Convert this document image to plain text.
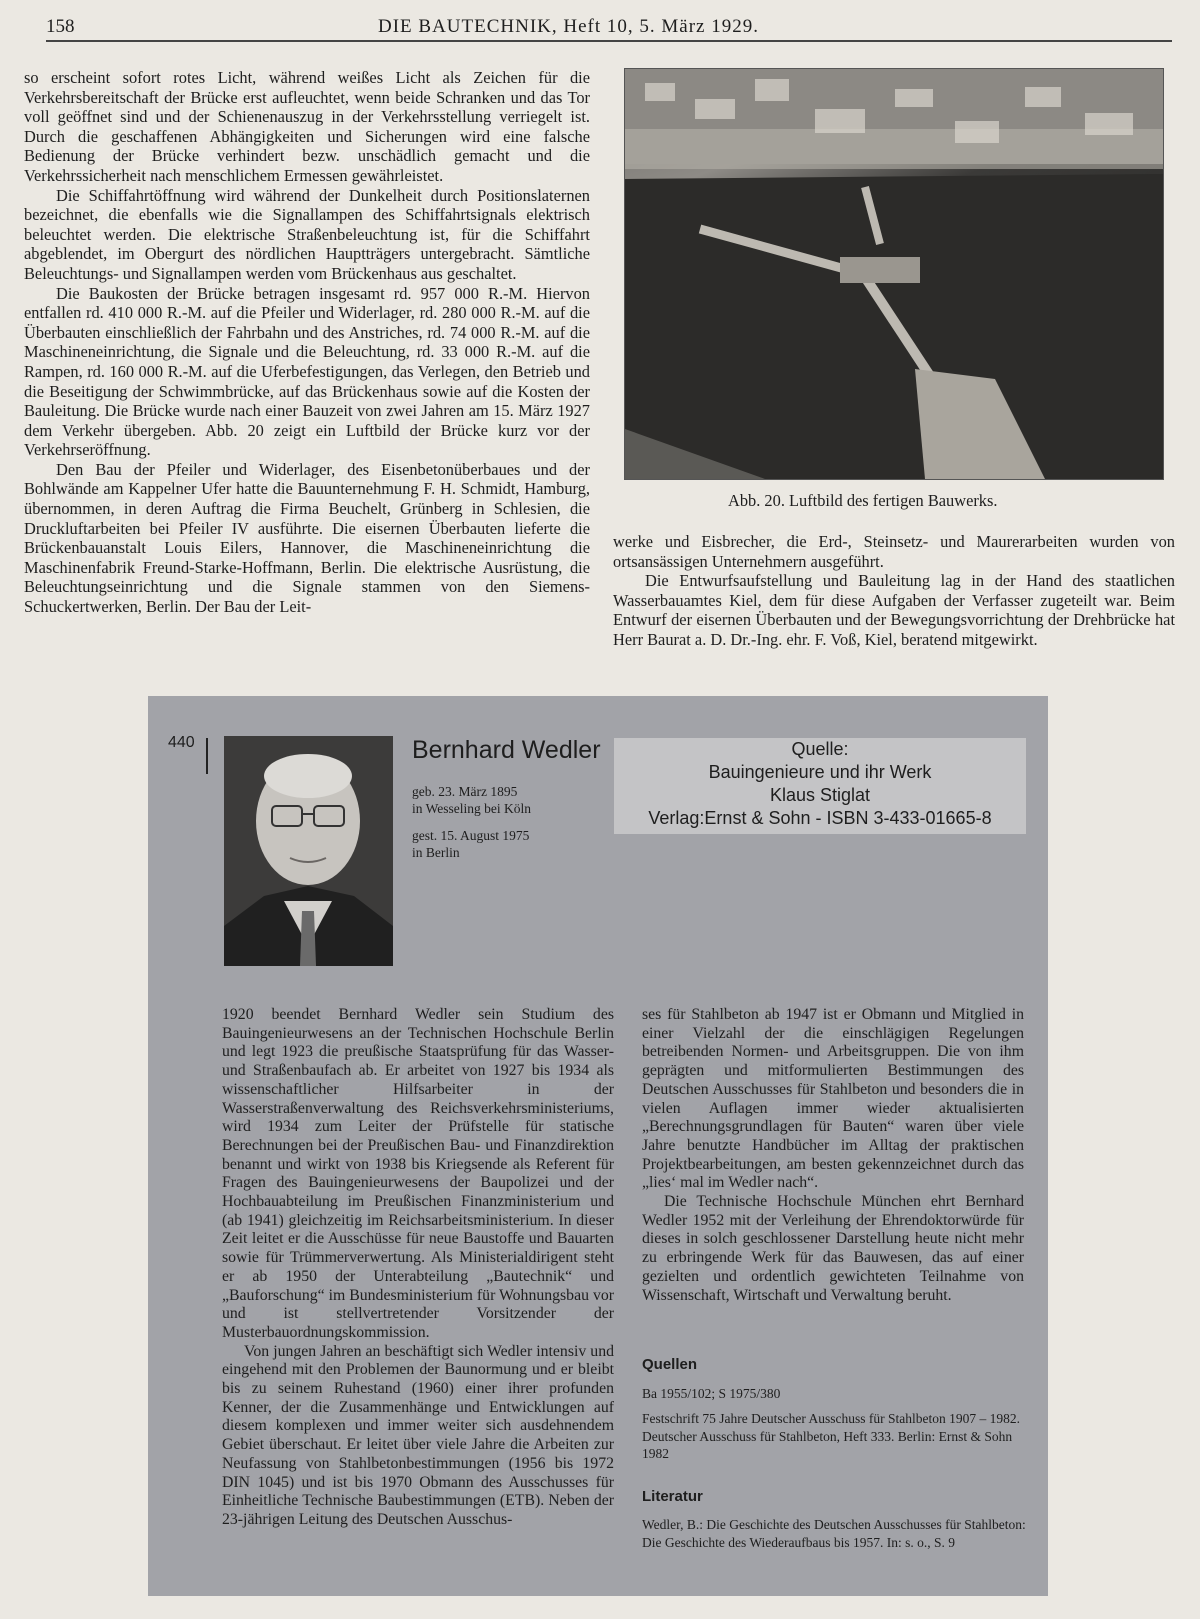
158	DIE BAUTECHNIK, Heft 10, 5. März 1929.

so erscheint sofort rotes Licht, während weißes Licht als Zeichen für die Verkehrsbereitschaft der Brücke erst aufleuchtet, wenn beide Schranken und das Tor voll geöffnet sind und der Schienenauszug in der Verkehrsstellung verriegelt ist. Durch die geschaffenen Abhängigkeiten und Sicherungen wird eine falsche Bedienung der Brücke verhindert bezw. unschädlich gemacht und die Verkehrssicherheit nach menschlichem Ermessen gewährleistet.

Die Schiffahrtöffnung wird während der Dunkelheit durch Positionslaternen bezeichnet, die ebenfalls wie die Signallampen des Schiffahrtsignals elektrisch beleuchtet werden. Die elektrische Straßenbeleuchtung ist, für die Schiffahrt abgeblendet, im Obergurt des nördlichen Hauptträgers untergebracht. Sämtliche Beleuchtungs- und Signallampen werden vom Brückenhaus aus geschaltet.

Die Baukosten der Brücke betragen insgesamt rd. 957 000 R.-M. Hiervon entfallen rd. 410 000 R.-M. auf die Pfeiler und Widerlager, rd. 280 000 R.-M. auf die Überbauten einschließlich der Fahrbahn und des Anstriches, rd. 74 000 R.-M. auf die Maschineneinrichtung, die Signale und die Beleuchtung, rd. 33 000 R.-M. auf die Rampen, rd. 160 000 R.-M. auf die Uferbefestigungen, das Verlegen, den Betrieb und die Beseitigung der Schwimmbrücke, auf das Brückenhaus sowie auf die Kosten der Bauleitung. Die Brücke wurde nach einer Bauzeit von zwei Jahren am 15. März 1927 dem Verkehr übergeben. Abb. 20 zeigt ein Luftbild der Brücke kurz vor der Verkehrseröffnung.

Den Bau der Pfeiler und Widerlager, des Eisenbetonüberbaues und der Bohlwände am Kappelner Ufer hatte die Bauunternehmung F. H. Schmidt, Hamburg, übernommen, in deren Auftrag die Firma Beuchelt, Grünberg in Schlesien, die Druckluftarbeiten bei Pfeiler IV ausführte. Die eisernen Überbauten lieferte die Brückenbauanstalt Louis Eilers, Hannover, die Maschineneinrichtung die Maschinenfabrik Freund-Starke-Hoffmann, Berlin. Die elektrische Ausrüstung, die Beleuchtungseinrichtung und die Signale stammen von den Siemens-Schuckertwerken, Berlin. Der Bau der Leit-

Abb. 20. Luftbild des fertigen Bauwerks.

werke und Eisbrecher, die Erd-, Steinsetz- und Maurerarbeiten wurden von ortsansässigen Unternehmern ausgeführt.

Die Entwurfsaufstellung und Bauleitung lag in der Hand des staatlichen Wasserbauamtes Kiel, dem für diese Aufgaben der Verfasser zugeteilt war. Beim Entwurf der eisernen Überbauten und der Bewegungsvorrichtung der Drehbrücke hat Herr Baurat a. D. Dr.-Ing. ehr. F. Voß, Kiel, beratend mitgewirkt.

440	Bernhard Wedler
geb. 23. März 1895
in Wesseling bei Köln
gest. 15. August 1975
in Berlin
Quelle:
Bauingenieure und ihr Werk
Klaus Stiglat
Verlag:Ernst & Sohn - ISBN 3-433-01665-8

1920 beendet Bernhard Wedler sein Studium des Bauingenieurwesens an der Technischen Hochschule Berlin und legt 1923 die preußische Staatsprüfung für das Wasser- und Straßenbaufach ab. Er arbeitet von 1927 bis 1934 als wissenschaftlicher Hilfsarbeiter in der Wasserstraßenverwaltung des Reichsverkehrsministeriums, wird 1934 zum Leiter der Prüfstelle für statische Berechnungen bei der Preußischen Bau- und Finanzdirektion benannt und wirkt von 1938 bis Kriegsende als Referent für Fragen des Bauingenieurwesens der Baupolizei und der Hochbauabteilung im Preußischen Finanzministerium und (ab 1941) gleichzeitig im Reichsarbeitsministerium. In dieser Zeit leitet er die Ausschüsse für neue Baustoffe und Bauarten sowie für Trümmerverwertung. Als Ministerialdirigent steht er ab 1950 der Unterabteilung „Bautechnik“ und „Bauforschung“ im Bundesministerium für Wohnungsbau vor und ist stellvertretender Vorsitzender der Musterbauordnungskommission.

Von jungen Jahren an beschäftigt sich Wedler intensiv und eingehend mit den Problemen der Baunormung und er bleibt bis zu seinem Ruhestand (1960) einer ihrer profunden Kenner, der die Zusammenhänge und Entwicklungen auf diesem komplexen und immer weiter sich ausdehnendem Gebiet überschaut. Er leitet über viele Jahre die Arbeiten zur Neufassung von Stahlbetonbestimmungen (1956 bis 1972 DIN 1045) und ist bis 1970 Obmann des Ausschusses für Einheitliche Technische Baubestimmungen (ETB). Neben der 23-jährigen Leitung des Deutschen Ausschus-

ses für Stahlbeton ab 1947 ist er Obmann und Mitglied in einer Vielzahl der die einschlägigen Regelungen betreibenden Normen- und Arbeitsgruppen. Die von ihm geprägten und mitformulierten Bestimmungen des Deutschen Ausschusses für Stahlbeton und besonders die in vielen Auflagen immer wieder aktualisierten „Berechnungsgrundlagen für Bauten“ waren über viele Jahre benutzte Handbücher im Alltag der praktischen Projektbearbeitungen, am besten gekennzeichnet durch das „lies‘ mal im Wedler nach“.

Die Technische Hochschule München ehrt Bernhard Wedler 1952 mit der Verleihung der Ehrendoktorwürde für dieses in solch geschlossener Darstellung heute nicht mehr zu erbringende Werk für das Bauwesen, das auf einer gezielten und ordentlich gewichteten Teilnahme von Wissenschaft, Wirtschaft und Verwaltung beruht.

Quellen
Ba 1955/102; S 1975/380
Festschrift 75 Jahre Deutscher Ausschuss für Stahlbeton 1907 – 1982. Deutscher Ausschuss für Stahlbeton, Heft 333. Berlin: Ernst & Sohn 1982
Literatur
Wedler, B.: Die Geschichte des Deutschen Ausschusses für Stahlbeton: Die Geschichte des Wiederaufbaus bis 1957. In: s. o., S. 9
